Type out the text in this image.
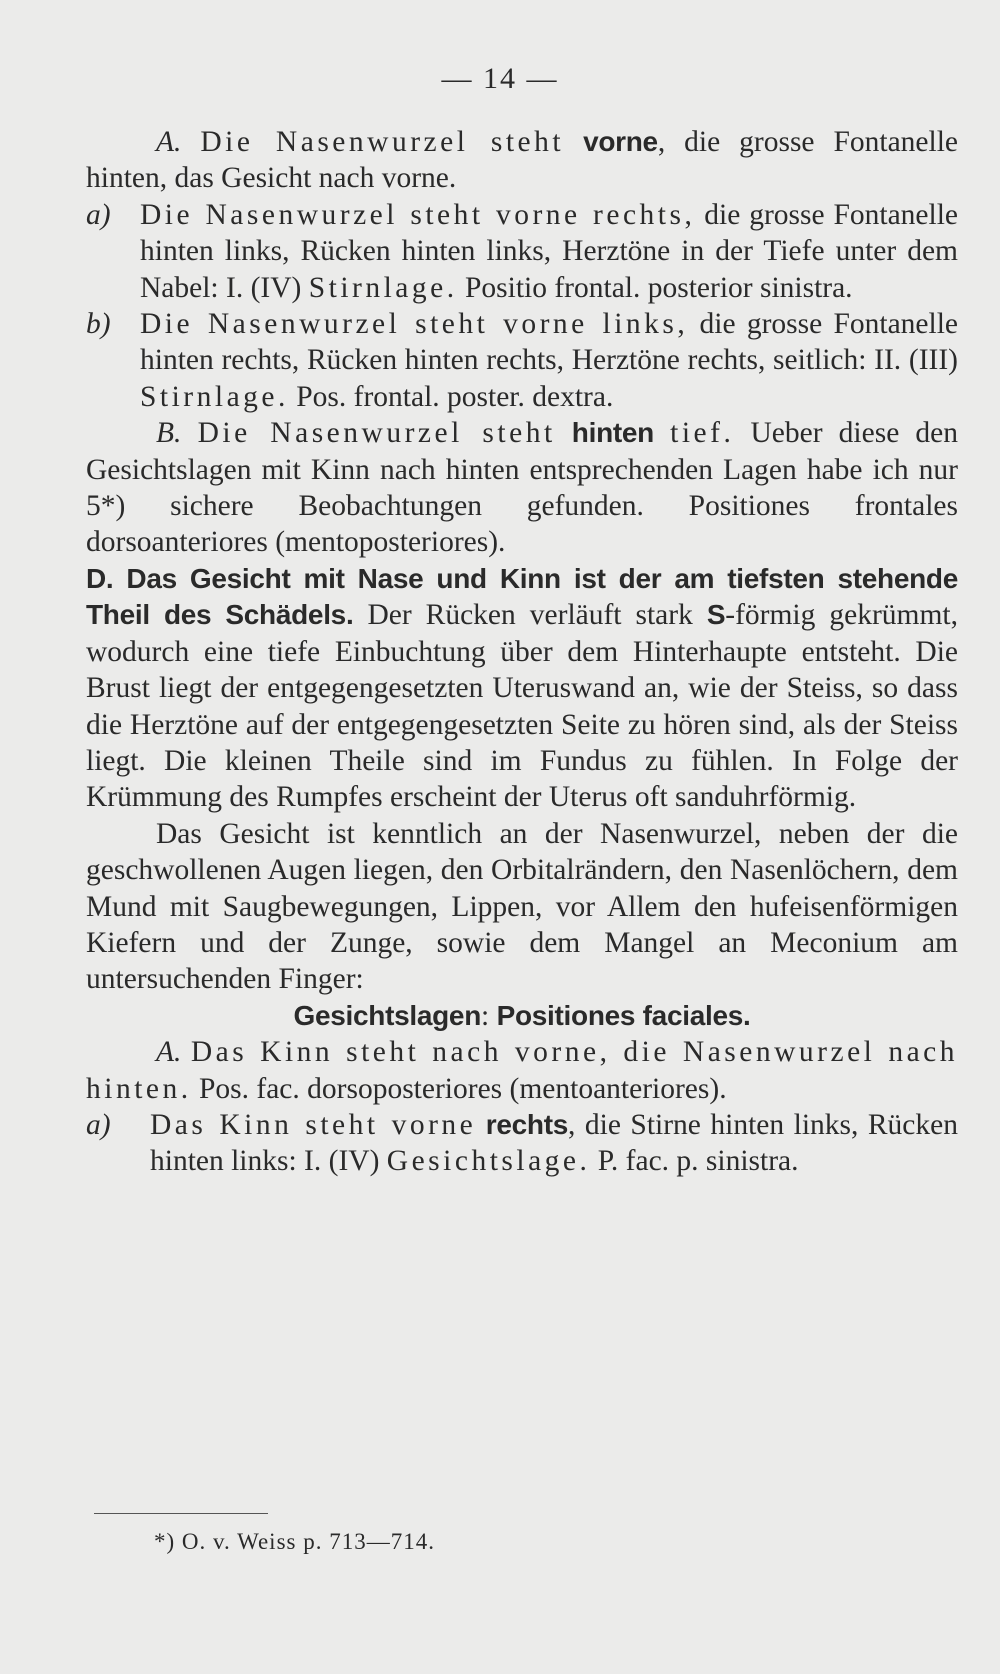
— 14 —

A. Die Nasenwurzel steht vorne, die grosse Fontanelle hinten, das Gesicht nach vorne.

a) Die Nasenwurzel steht vorne rechts, die grosse Fontanelle hinten links, Rücken hinten links, Herztöne in der Tiefe unter dem Nabel: I. (IV) Stirnlage. Positio frontal. posterior sinistra.

b) Die Nasenwurzel steht vorne links, die grosse Fontanelle hinten rechts, Rücken hinten rechts, Herztöne rechts, seitlich: II. (III) Stirnlage. Pos. frontal. poster. dextra.

B. Die Nasenwurzel steht hinten tief. Ueber diese den Gesichtslagen mit Kinn nach hinten entsprechenden Lagen habe ich nur 5*) sichere Beobachtungen gefunden. Positiones frontales dorsoanteriores (mentoposteriores).

D. Das Gesicht mit Nase und Kinn ist der am tiefsten stehende Theil des Schädels. Der Rücken verläuft stark S-förmig gekrümmt, wodurch eine tiefe Einbuchtung über dem Hinterhaupte entsteht. Die Brust liegt der entgegengesetzten Uteruswand an, wie der Steiss, so dass die Herztöne auf der entgegengesetzten Seite zu hören sind, als der Steiss liegt. Die kleinen Theile sind im Fundus zu fühlen. In Folge der Krümmung des Rumpfes erscheint der Uterus oft sanduhrförmig.

Das Gesicht ist kenntlich an der Nasenwurzel, neben der die geschwollenen Augen liegen, den Orbitalrändern, den Nasenlöchern, dem Mund mit Saugbewegungen, Lippen, vor Allem den hufeisenförmigen Kiefern und der Zunge, sowie dem Mangel an Meconium am untersuchenden Finger:

Gesichtslagen: Positiones faciales.

A. Das Kinn steht nach vorne, die Nasenwurzel nach hinten. Pos. fac. dorsoposteriores (mentoanteriores).

a) Das Kinn steht vorne rechts, die Stirne hinten links, Rücken hinten links: I. (IV) Gesichtslage. P. fac. p. sinistra.

*) O. v. Weiss p. 713—714.
